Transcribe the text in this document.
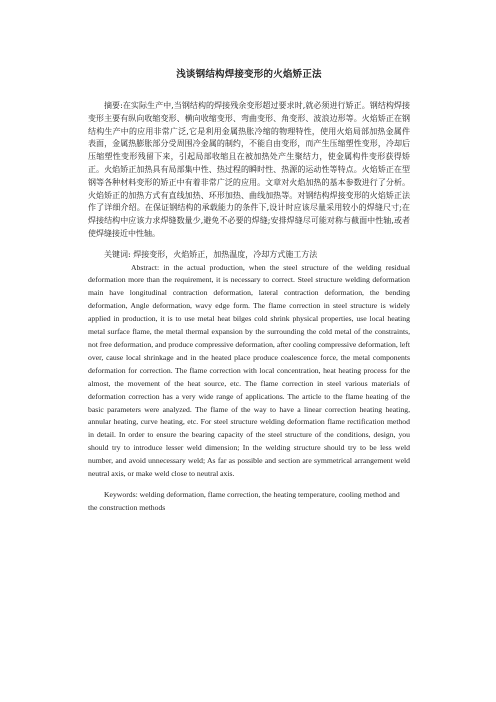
浅谈钢结构焊接变形的火焰矫正法

摘要:在实际生产中,当钢结构的焊接残余变形超过要求时,就必须进行矫正。钢结构焊接变形主要有纵向收缩变形、横向收缩变形、弯曲变形、角变形、波浪边形等。火焰矫正在钢结构生产中的应用非常广泛,它是利用金属热胀冷缩的物理特性，使用火焰局部加热金属件表面，金属热膨胀部分受周围冷金属的制约，不能自由变形，而产生压缩塑性变形，冷却后压缩塑性变形残留下来，引起局部收缩且在被加热处产生聚结力，使金属构件变形获得矫正。火焰矫正加热具有局部集中性、热过程的瞬时性、热源的运动性等特点。火焰矫正在型钢等各种材料变形的矫正中有着非常广泛的应用。文章对火焰加热的基本参数进行了分析。火焰矫正的加热方式有直线加热、环形加热、曲线加热等。对钢结构焊接变形的火焰矫正法作了详细介绍。在保证钢结构的承载能力的条件下,设计时应该尽量采用较小的焊缝尺寸;在焊接结构中应该力求焊缝数量少,避免不必要的焊缝;安排焊缝尽可能对称与截面中性轴,或者使焊缝接近中性轴。

关键词: 焊接变形，火焰矫正，加热温度，冷却方式施工方法

Abstract: in the actual production, when the steel structure of the welding residual deformation more than the requirement, it is necessary to correct. Steel structure welding deformation main have longitudinal contraction deformation, lateral contraction deformation, the bending deformation, Angle deformation, wavy edge form. The flame correction in steel structure is widely applied in production, it is to use metal heat bilges cold shrink physical properties, use local heating metal surface flame, the metal thermal expansion by the surrounding the cold metal of the constraints, not free deformation, and produce compressive deformation, after cooling compressive deformation, left over, cause local shrinkage and in the heated place produce coalescence force, the metal components deformation for correction. The flame correction with local concentration, heat heating process for the almost, the movement of the heat source, etc. The flame correction in steel various materials of deformation correction has a very wide range of applications. The article to the flame heating of the basic parameters were analyzed. The flame of the way to have a linear correction heating heating, annular heating, curve heating, etc. For steel structure welding deformation flame rectification method in detail. In order to ensure the bearing capacity of the steel structure of the conditions, design, you should try to introduce lesser weld dimension; In the welding structure should try to be less weld number, and avoid unnecessary weld; As far as possible and section are symmetrical arrangement weld neutral axis, or make weld close to neutral axis.

Keywords: welding deformation, flame correction, the heating temperature, cooling method and the construction methods
